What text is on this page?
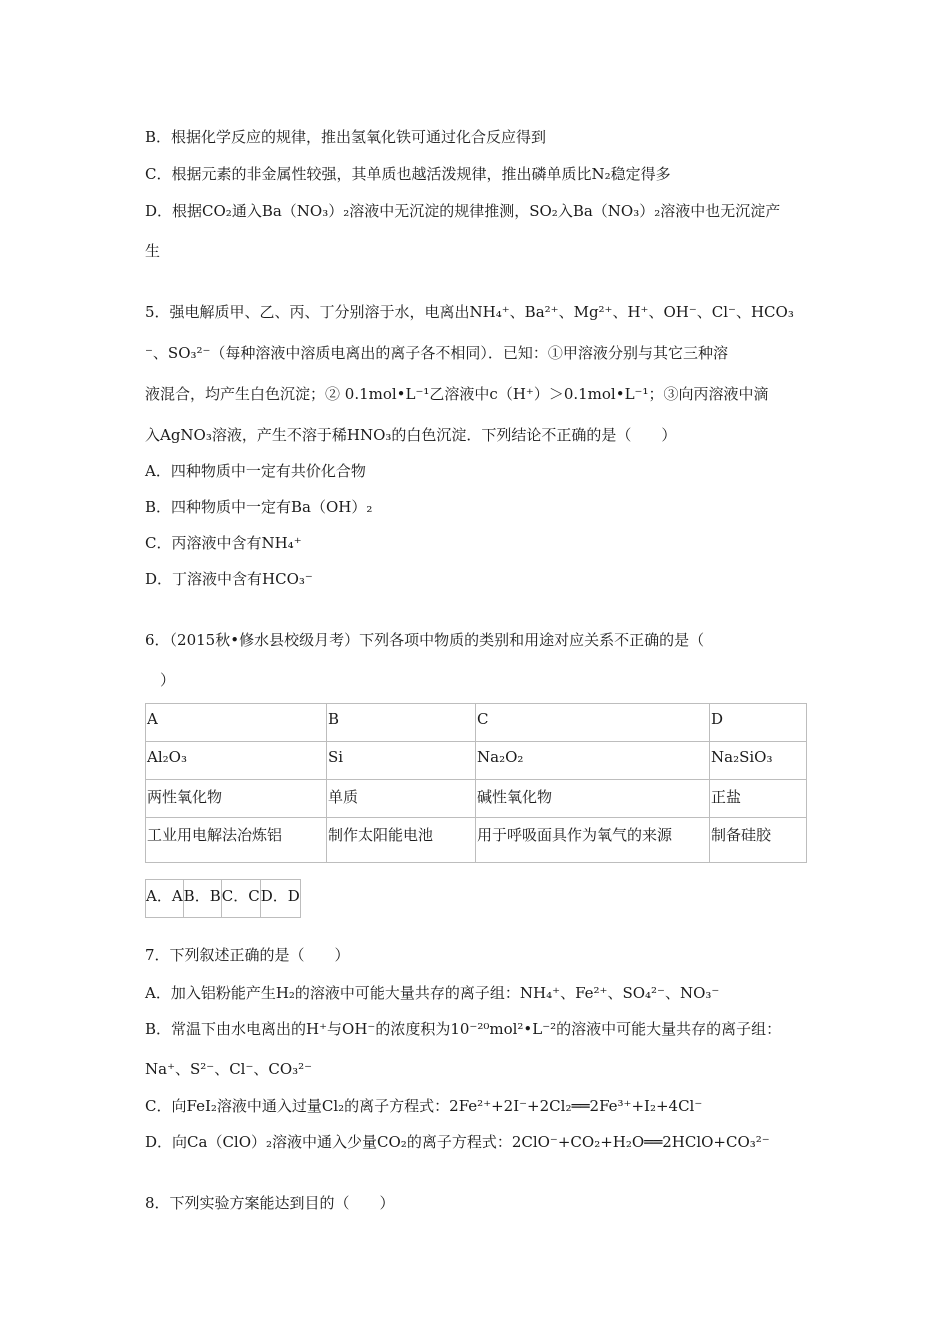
B．根据化学反应的规律，推出氢氧化铁可通过化合反应得到
C．根据元素的非金属性较强，其单质也越活泼规律，推出磷单质比N₂稳定得多
D．根据CO₂通入Ba（NO₃）₂溶液中无沉淀的规律推测，SO₂入Ba（NO₃）₂溶液中也无沉淀产
生
5．强电解质甲、乙、丙、丁分别溶于水，电离出NH₄⁺、Ba²⁺、Mg²⁺、H⁺、OH⁻、Cl⁻、HCO₃
⁻、SO₃²⁻（每种溶液中溶质电离出的离子各不相同）．已知：①甲溶液分别与其它三种溶
液混合，均产生白色沉淀；② 0.1mol•L⁻¹乙溶液中c（H⁺）＞0.1mol•L⁻¹；③向丙溶液中滴
入AgNO₃溶液，产生不溶于稀HNO₃的白色沉淀．下列结论不正确的是（　　）
A．四种物质中一定有共价化合物
B．四种物质中一定有Ba（OH）₂
C．丙溶液中含有NH₄⁺
D．丁溶液中含有HCO₃⁻
6．（2015秋•修水县校级月考）下列各项中物质的类别和用途对应关系不正确的是（
　）
A	B	C	D
Al₂O₃	Si	Na₂O₂	Na₂SiO₃
两性氧化物	单质	碱性氧化物	正盐
工业用电解法冶炼铝	制作太阳能电池	用于呼吸面具作为氧气的来源	制备硅胶
A．A	B．B	C．C	D．D
7．下列叙述正确的是（　　）
A．加入铝粉能产生H₂的溶液中可能大量共存的离子组：NH₄⁺、Fe²⁺、SO₄²⁻、NO₃⁻
B．常温下由水电离出的H⁺与OH⁻的浓度积为10⁻²⁰mol²•L⁻²的溶液中可能大量共存的离子组：
Na⁺、S²⁻、Cl⁻、CO₃²⁻
C．向FeI₂溶液中通入过量Cl₂的离子方程式：2Fe²⁺+2I⁻+2Cl₂══2Fe³⁺+I₂+4Cl⁻
D．向Ca（ClO）₂溶液中通入少量CO₂的离子方程式：2ClO⁻+CO₂+H₂O══2HClO+CO₃²⁻
8．下列实验方案能达到目的（　　）
